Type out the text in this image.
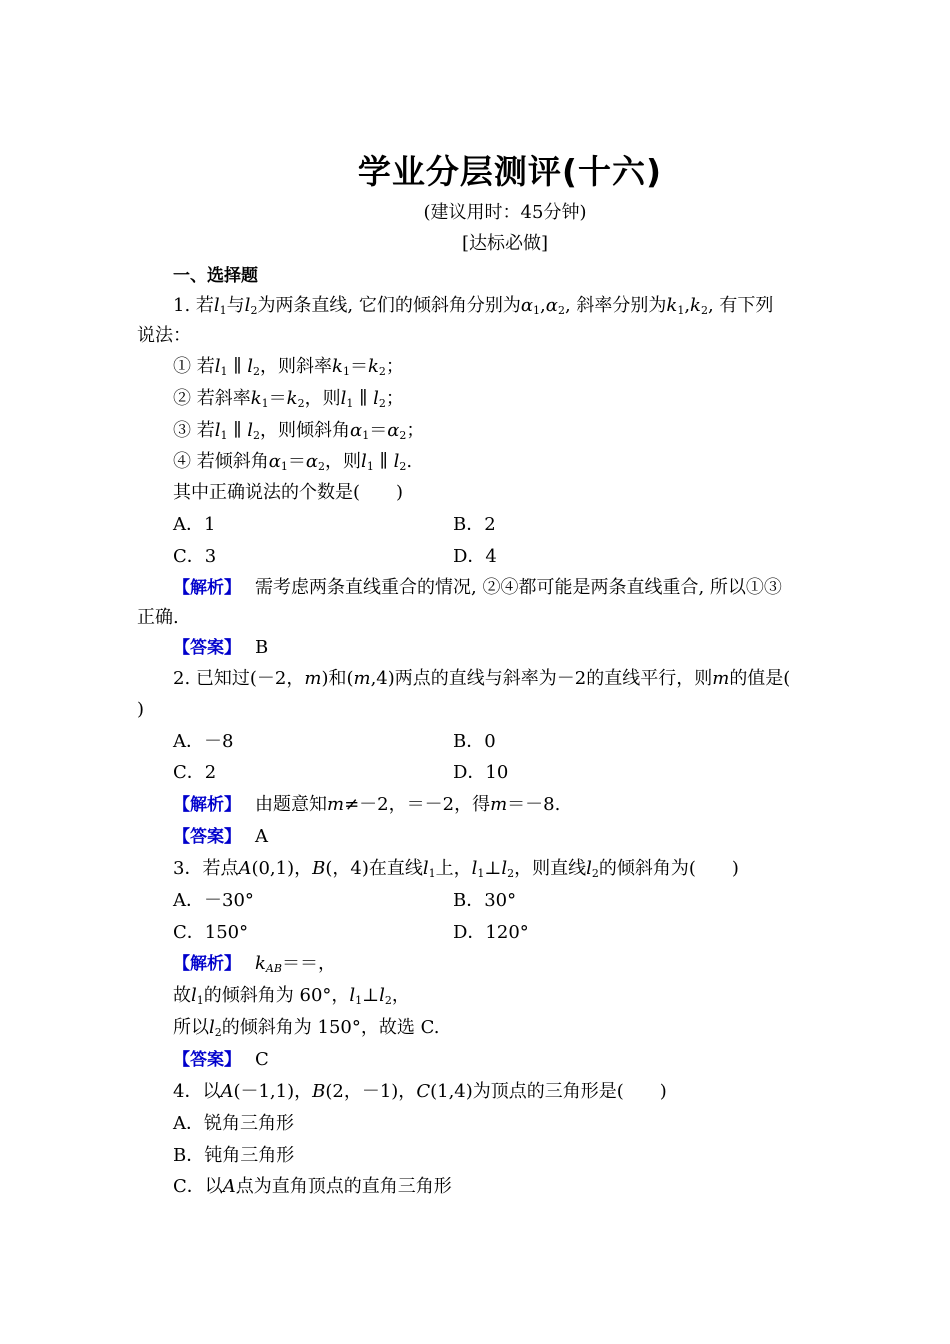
学业分层测评(十六)
(建议用时：45分钟)
[达标必做]
一、选择题
1. 若$l_1$与$l_2$为两条直线, 它们的倾斜角分别为$\alpha_1,\alpha_2$, 斜率分别为$k_1,k_2$, 有下列
说法：
① 若$l_1$ ∥ $l_2$，则斜率$k_1=k_2$；
② 若斜率$k_1=k_2$，则$l_1$ ∥ $l_2$；
③ 若$l_1$ ∥ $l_2$，则倾斜角$\alpha_1=\alpha_2$；
④ 若倾斜角$\alpha_1=\alpha_2$，则$l_1$ ∥ $l_2$.
其中正确说法的个数是(　　)
A．1	B．2
C．3	D．4
【解析】 需考虑两条直线重合的情况, ②④都可能是两条直线重合, 所以①③
正确.
【答案】 B
2. 已知过(－2，m)和(m,4)两点的直线与斜率为－2的直线平行，则m的值是(
)
A．－8	B．0
C．2	D．10
【解析】 由题意知m≠－2，＝－2，得m＝－8.
【答案】 A
3．若点A(0,1)，B(，4)在直线$l_1$上，$l_1\perp l_2$，则直线$l_2$的倾斜角为(　　)
A．－30°	B．30°
C．150°	D．120°
【解析】 $k_{AB}==$，
故$l_1$的倾斜角为 60°，$l_1\perp l_2$，
所以$l_2$的倾斜角为 150°，故选 C.
【答案】 C
4．以A(－1,1)，B(2，－1)，C(1,4)为顶点的三角形是(　　)
A．锐角三角形
B．钝角三角形
C．以A点为直角顶点的直角三角形
